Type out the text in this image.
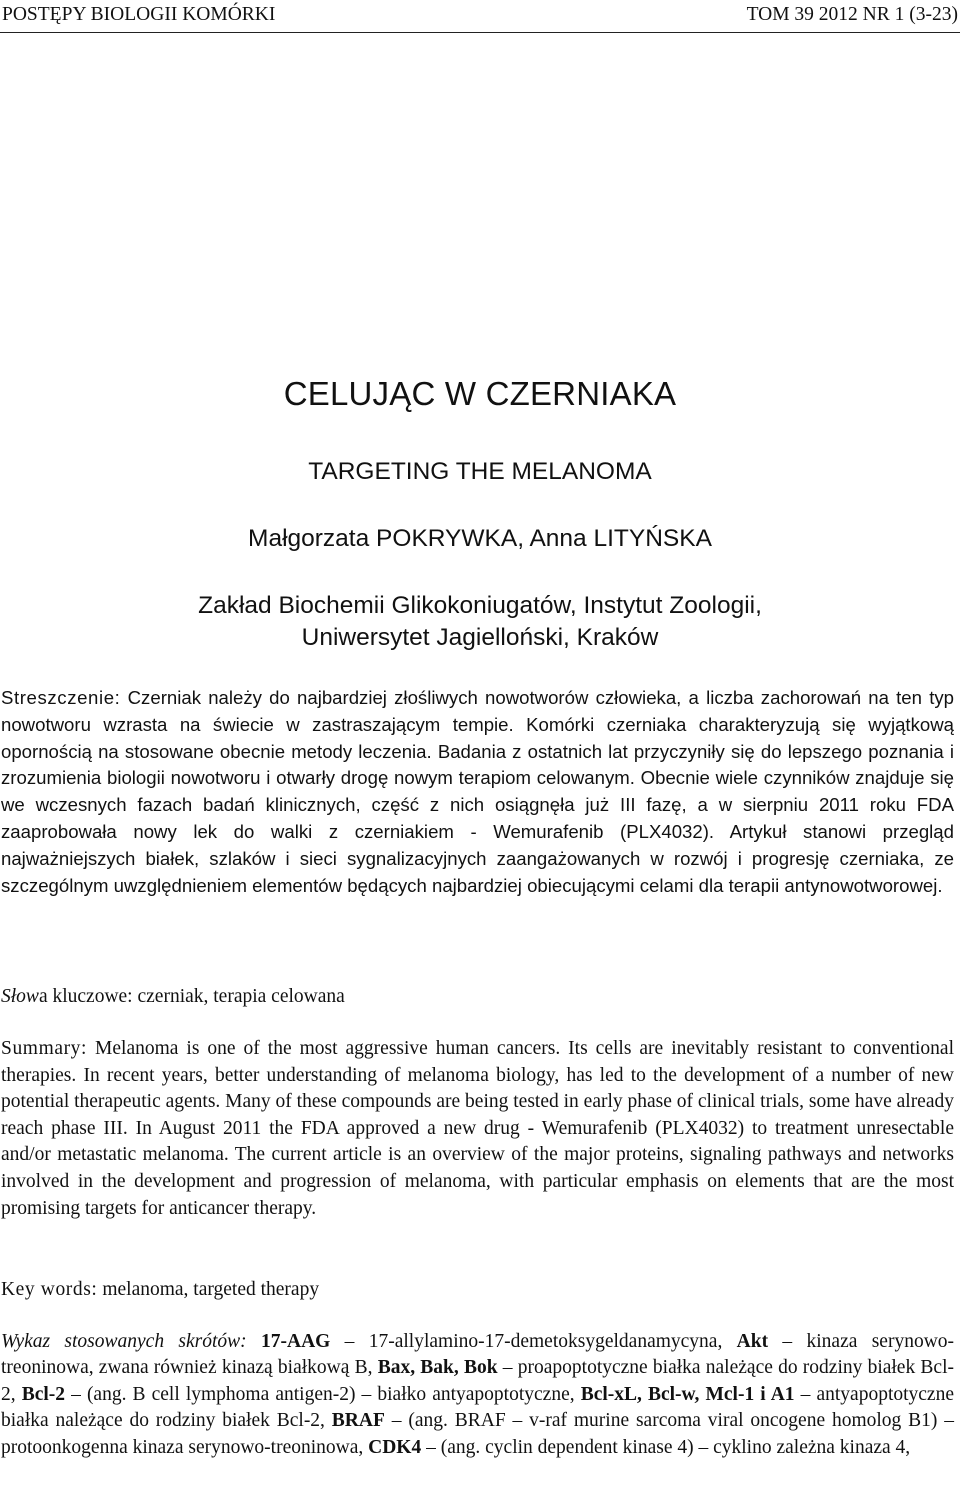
POSTĘPY BIOLOGII KOMÓRKI	TOM 39 2012 NR 1 (3-23)
CELUJĄC W CZERNIAKA
TARGETING THE MELANOMA
Małgorzata POKRYWKA, Anna LITYŃSKA
Zakład Biochemii Glikokoniugatów, Instytut Zoologii,
Uniwersytet Jagielloński, Kraków
Streszczenie: Czerniak należy do najbardziej złośliwych nowotworów człowieka, a liczba zachorowań na ten typ nowotworu wzrasta na świecie w zastraszającym tempie. Komórki czerniaka charakteryzują się wyjątkową opornością na stosowane obecnie metody leczenia. Badania z ostatnich lat przyczyniły się do lepszego poznania i zrozumienia biologii nowotworu i otwarły drogę nowym terapiom celowanym. Obecnie wiele czynników znajduje się we wczesnych fazach badań klinicznych, część z nich osiągnęła już III fazę, a w sierpniu 2011 roku FDA zaaprobowała nowy lek do walki z czerniakiem - Wemurafenib (PLX4032). Artykuł stanowi przegląd najważniejszych białek, szlaków i sieci sygnalizacyjnych zaangażowanych w rozwój i progresję czerniaka, ze szczególnym uwzględnieniem elementów będących najbardziej obiecującymi celami dla terapii antynowotworowej.
Słowa kluczowe: czerniak, terapia celowana
Summary: Melanoma is one of the most aggressive human cancers. Its cells are inevitably resistant to conventional therapies. In recent years, better understanding of melanoma biology, has led to the development of a number of new potential therapeutic agents. Many of these compounds are being tested in early phase of clinical trials, some have already reach phase III. In August 2011 the FDA approved a new drug - Wemurafenib (PLX4032) to treatment unresectable and/or metastatic melanoma. The current article is an overview of the major proteins, signaling pathways and networks involved in the development and progression of melanoma, with particular emphasis on elements that are the most promising targets for anticancer therapy.
Key words: melanoma, targeted therapy
Wykaz stosowanych skrótów: 17-AAG – 17-allylamino-17-demetoksygeldanamycyna, Akt – kinaza serynowo-treoninowa, zwana również kinazą białkową B, Bax, Bak, Bok – proapoptotyczne białka należące do rodziny białek Bcl-2, Bcl-2 – (ang. B cell lymphoma antigen-2) – białko antyapoptotyczne, Bcl-xL, Bcl-w, Mcl-1 i A1 – antyapoptotyczne białka należące do rodziny białek Bcl-2, BRAF – (ang. BRAF – v-raf murine sarcoma viral oncogene homolog B1) – protoonkogenna kinaza serynowo-treoninowa, CDK4 – (ang. cyclin dependent kinase 4) – cyklino zależna kinaza 4,
